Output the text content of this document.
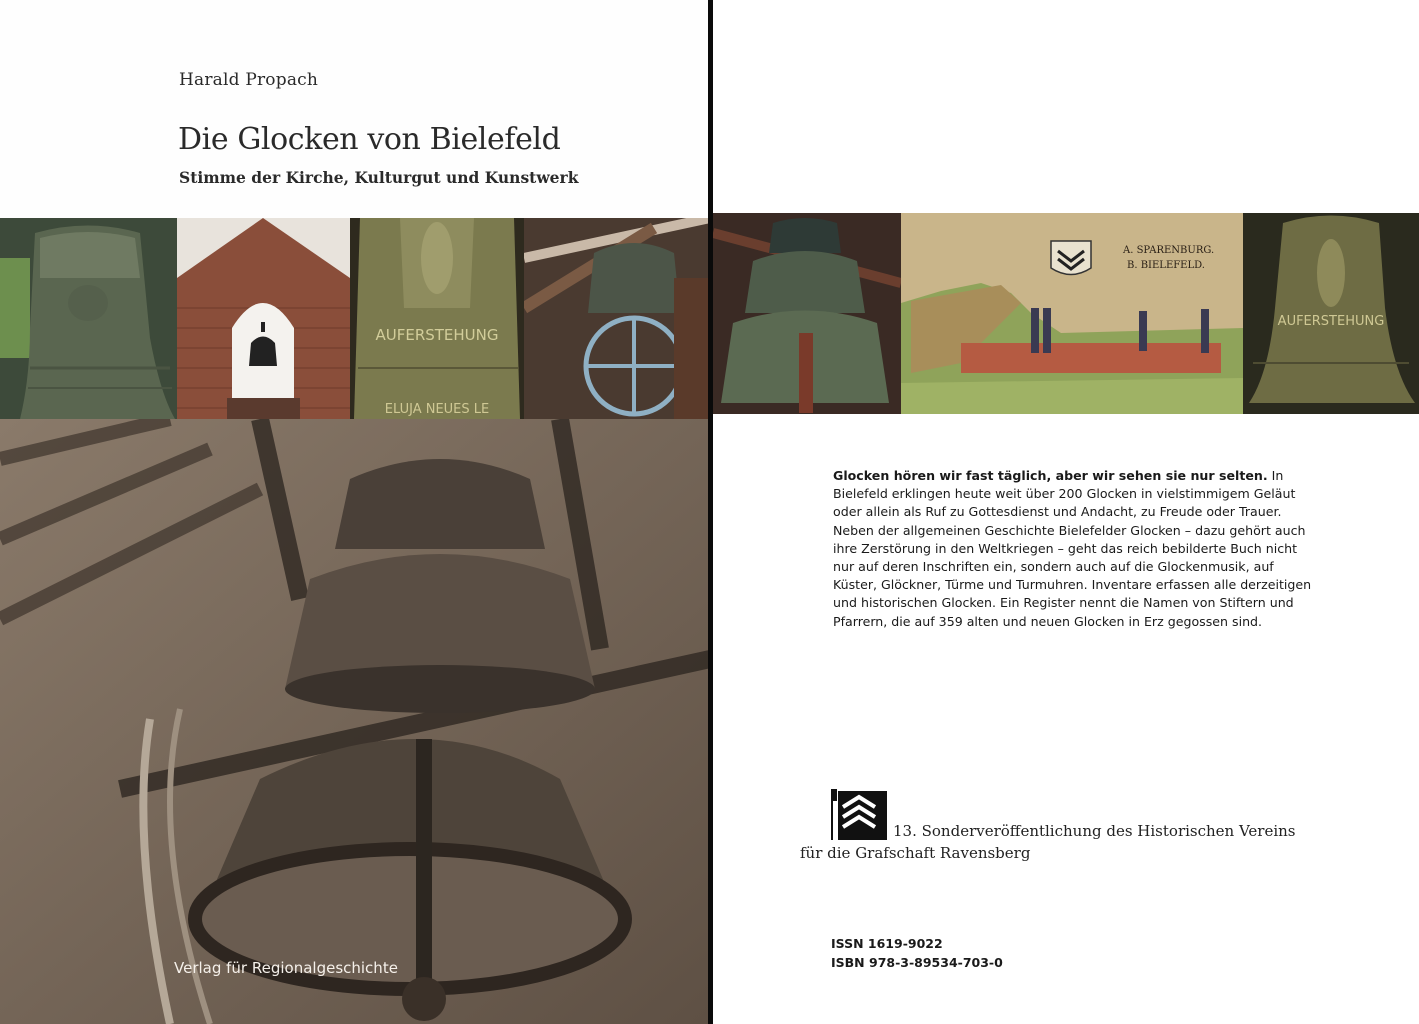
Harald Propach
Die Glocken von Bielefeld
Stimme der Kirche, Kulturgut und Kunstwerk
AUFERSTEHUNG
ELUJA NEUES LE
Verlag für Regionalgeschichte
A. SPARENBURG.
B. BIELEFELD.
AUFERSTEHUNG
Glocken hören wir fast täglich, aber wir sehen sie nur selten. In Bielefeld erklingen heute weit über 200 Glocken in vielstimmigem Geläut oder allein als Ruf zu Gottesdienst und Andacht, zu Freude oder Trauer.
Neben der allgemeinen Geschichte Bielefelder Glocken – dazu gehört auch ihre Zerstörung in den Weltkriegen – geht das reich bebilderte Buch nicht nur auf deren Inschriften ein, sondern auch auf die Glockenmusik, auf Küster, Glöckner, Türme und Turmuhren. Inventare erfassen alle derzeitigen und historischen Glocken. Ein Register nennt die Namen von Stiftern und Pfarrern, die auf 359 alten und neuen Glocken in Erz gegossen sind.
13. Sonderveröffentlichung des Historischen Vereins
für die Grafschaft Ravensberg
ISSN 1619-9022
ISBN 978-3-89534-703-0
